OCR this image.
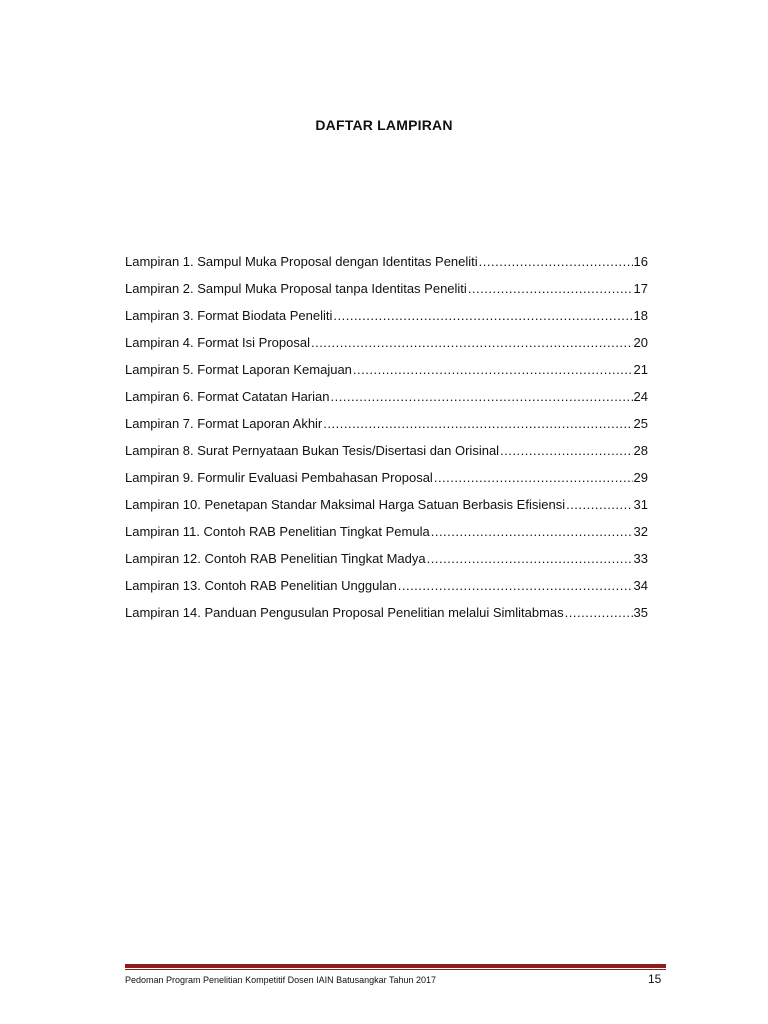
DAFTAR LAMPIRAN
Lampiran 1. Sampul Muka Proposal dengan Identitas Peneliti .....	16
Lampiran 2. Sampul Muka Proposal tanpa Identitas Peneliti .....	17
Lampiran 3. Format Biodata Peneliti .....	18
Lampiran 4. Format Isi Proposal .....	20
Lampiran 5. Format Laporan Kemajuan .....	21
Lampiran 6. Format Catatan Harian .....	24
Lampiran 7. Format Laporan Akhir .....	25
Lampiran 8. Surat Pernyataan Bukan Tesis/Disertasi dan Orisinal .....	28
Lampiran 9. Formulir Evaluasi Pembahasan Proposal .....	29
Lampiran 10. Penetapan Standar Maksimal Harga Satuan Berbasis Efisiensi .....	31
Lampiran 11. Contoh RAB Penelitian Tingkat Pemula .....	32
Lampiran 12. Contoh RAB Penelitian Tingkat Madya .....	33
Lampiran 13. Contoh RAB Penelitian Unggulan .....	34
Lampiran 14. Panduan Pengusulan Proposal Penelitian melalui Simlitabmas .....	35
Pedoman Program Penelitian Kompetitif Dosen IAIN Batusangkar Tahun 2017	15
